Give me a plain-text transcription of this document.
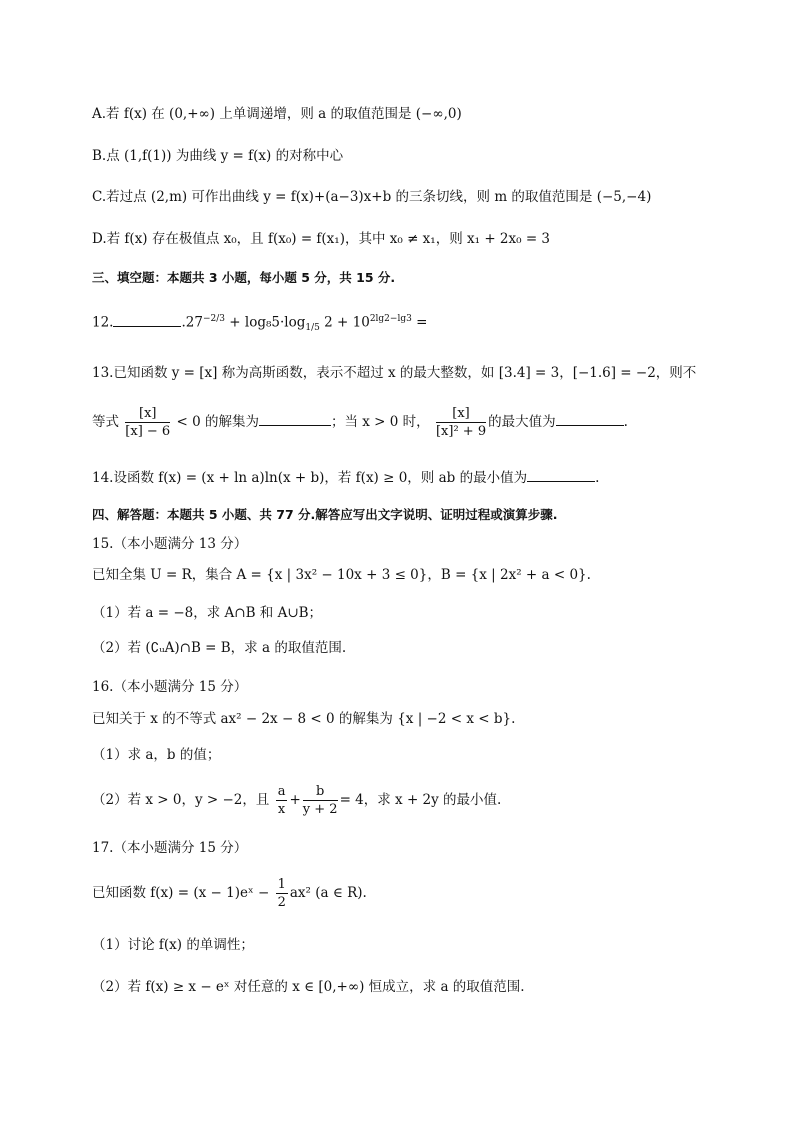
A.若 f(x) 在 (0,+∞) 上单调递增，则 a 的取值范围是 (−∞,0)
B.点 (1,f(1)) 为曲线 y = f(x) 的对称中心
C.若过点 (2,m) 可作出曲线 y = f(x)+(a−3)x+b 的三条切线，则 m 的取值范围是 (−5,−4)
D.若 f(x) 存在极值点 x₀，且 f(x₀) = f(x₁)，其中 x₀ ≠ x₁，则 x₁ + 2x₀ = 3
三、填空题：本题共 3 小题，每小题 5 分，共 15 分.
12.	$.27^{-2/3} + \log_85\cdot\log_{1/5}$ $2 + 10^{2lg2-lg3}$ =
13.已知函数 y = [x] 称为高斯函数，表示不超过 x 的最大整数，如 [3.4] = 3，[−1.6] = −2，则不
等式 $\frac{[x]}{[x] - 6} < 0$ 的解集为	；当 x > 0 时， $\frac{[x]}{\text{[x]² + 9}}$ 的最大值为	.
14.设函数 f(x) = (x + ln a)ln(x + b)，若 f(x) ≥ 0，则 ab 的最小值为	.
四、解答题：本题共 5 小题、共 77 分.解答应写出文字说明、证明过程或演算步骤.
15.（本小题满分 13 分）
已知全集 U = R，集合 A = {x | 3x² − 10x + 3 ≤ 0}，B = {x | 2x² + a < 0}.
（1）若 a = −8，求 A∩B 和 A∪B；
（2）若 (∁ᵤA)∩B = B，求 a 的取值范围.
16.（本小题满分 15 分）
已知关于 x 的不等式 ax² − 2x − 8 < 0 的解集为 {x | −2 < x < b}.
（1）求 a，b 的值；
（2）若 x > 0，y > −2，且 $\frac{a}{x} + \frac{b}{y + 2} = 4$，求 x + 2y 的最小值.
17.（本小题满分 15 分）
已知函数 f(x) = (x − 1)eˣ − $\frac{1}{2} ax^2$ (a ∈ R).
（1）讨论 f(x) 的单调性；
（2）若 f(x) ≥ x − eˣ 对任意的 x ∈ [0,+∞) 恒成立，求 a 的取值范围.
